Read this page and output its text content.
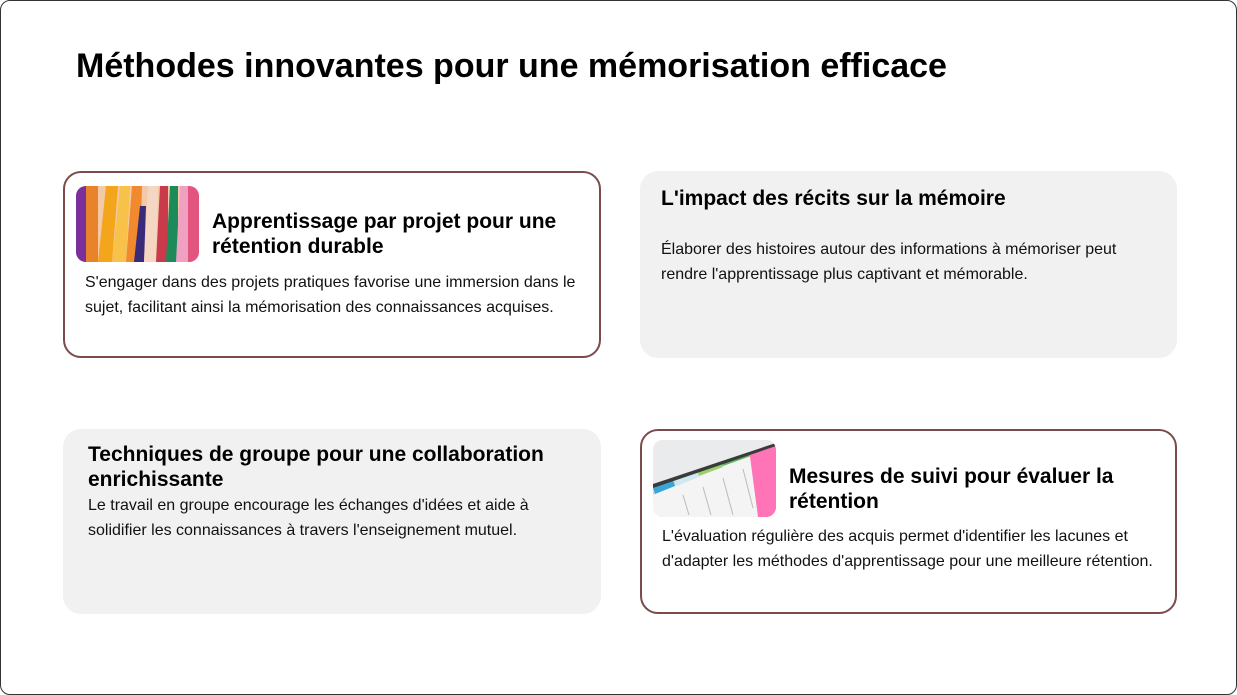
Méthodes innovantes pour une mémorisation efficace
Apprentissage par projet pour une rétention durable

S'engager dans des projets pratiques favorise une immersion dans le sujet, facilitant ainsi la mémorisation des connaissances acquises.

L'impact des récits sur la mémoire

Élaborer des histoires autour des informations à mémoriser peut rendre l'apprentissage plus captivant et mémorable.

Techniques de groupe pour une collaboration enrichissante

Le travail en groupe encourage les échanges d'idées et aide à solidifier les connaissances à travers l'enseignement mutuel.

Mesures de suivi pour évaluer la rétention

L'évaluation régulière des acquis permet d'identifier les lacunes et d'adapter les méthodes d'apprentissage pour une meilleure rétention.
